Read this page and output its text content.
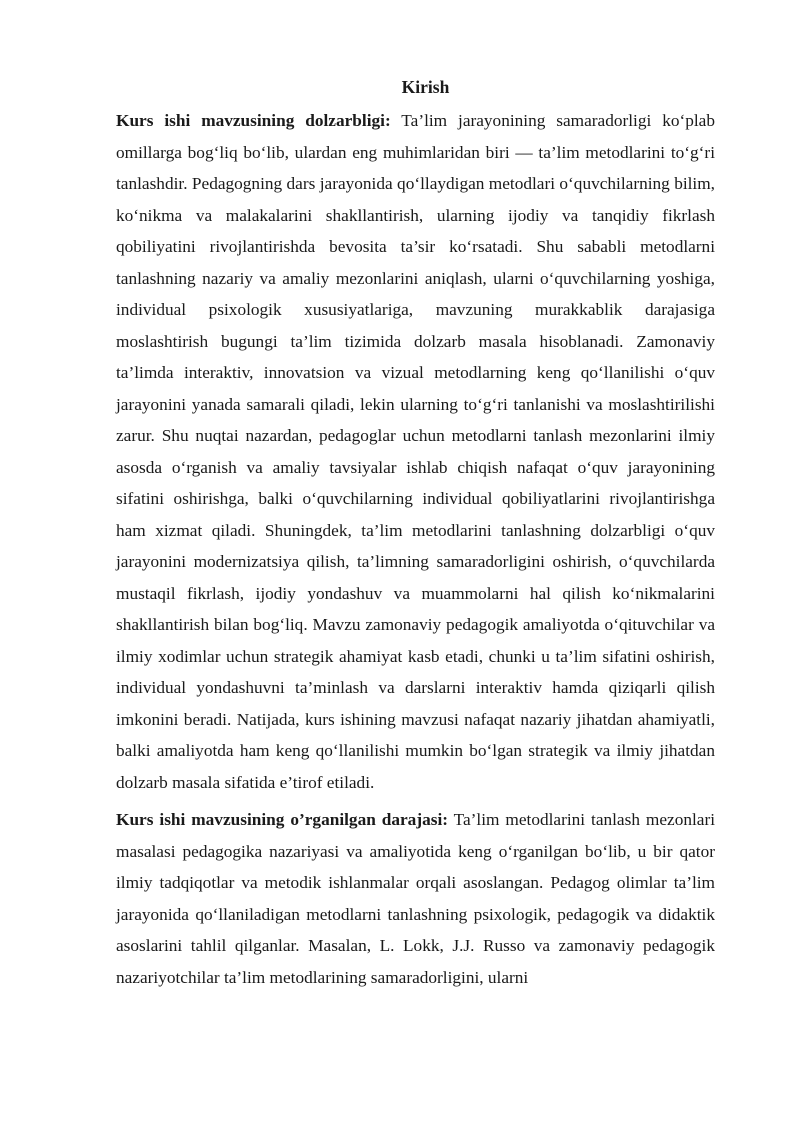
Kirish

Kurs ishi mavzusining dolzarbligi: Ta’lim jarayonining samaradorligi ko‘plab omillarga bog‘liq bo‘lib, ulardan eng muhimlaridan biri — ta’lim metodlarini to‘g‘ri tanlashdir. Pedagogning dars jarayonida qo‘llaydigan metodlari o‘quvchilarning bilim, ko‘nikma va malakalarini shakllantirish, ularning ijodiy va tanqidiy fikrlash qobiliyatini rivojlantirishda bevosita ta’sir ko‘rsatadi. Shu sababli metodlarni tanlashning nazariy va amaliy mezonlarini aniqlash, ularni o‘quvchilarning yoshiga, individual psixologik xususiyatlariga, mavzuning murakkablik darajasiga moslashtirish bugungi ta’lim tizimida dolzarb masala hisoblanadi. Zamonaviy ta’limda interaktiv, innovatsion va vizual metodlarning keng qo‘llanilishi o‘quv jarayonini yanada samarali qiladi, lekin ularning to‘g‘ri tanlanishi va moslashtirilishi zarur. Shu nuqtai nazardan, pedagoglar uchun metodlarni tanlash mezonlarini ilmiy asosda o‘rganish va amaliy tavsiyalar ishlab chiqish nafaqat o‘quv jarayonining sifatini oshirishga, balki o‘quvchilarning individual qobiliyatlarini rivojlantirishga ham xizmat qiladi. Shuningdek, ta’lim metodlarini tanlashning dolzarbligi o‘quv jarayonini modernizatsiya qilish, ta’limning samaradorligini oshirish, o‘quvchilarda mustaqil fikrlash, ijodiy yondashuv va muammolarni hal qilish ko‘nikmalarini shakllantirish bilan bog‘liq. Mavzu zamonaviy pedagogik amaliyotda o‘qituvchilar va ilmiy xodimlar uchun strategik ahamiyat kasb etadi, chunki u ta’lim sifatini oshirish, individual yondashuvni ta’minlash va darslarni interaktiv hamda qiziqarli qilish imkonini beradi. Natijada, kurs ishining mavzusi nafaqat nazariy jihatdan ahamiyatli, balki amaliyotda ham keng qo‘llanilishi mumkin bo‘lgan strategik va ilmiy jihatdan dolzarb masala sifatida e’tirof etiladi.

Kurs ishi mavzusining o’rganilgan darajasi: Ta’lim metodlarini tanlash mezonlari masalasi pedagogika nazariyasi va amaliyotida keng o‘rganilgan bo‘lib, u bir qator ilmiy tadqiqotlar va metodik ishlanmalar orqali asoslangan. Pedagog olimlar ta’lim jarayonida qo‘llaniladigan metodlarni tanlashning psixologik, pedagogik va didaktik asoslarini tahlil qilganlar. Masalan, L. Lokk, J.J. Russo va zamonaviy pedagogik nazariyotchilar ta’lim metodlarining samaradorligini, ularni
